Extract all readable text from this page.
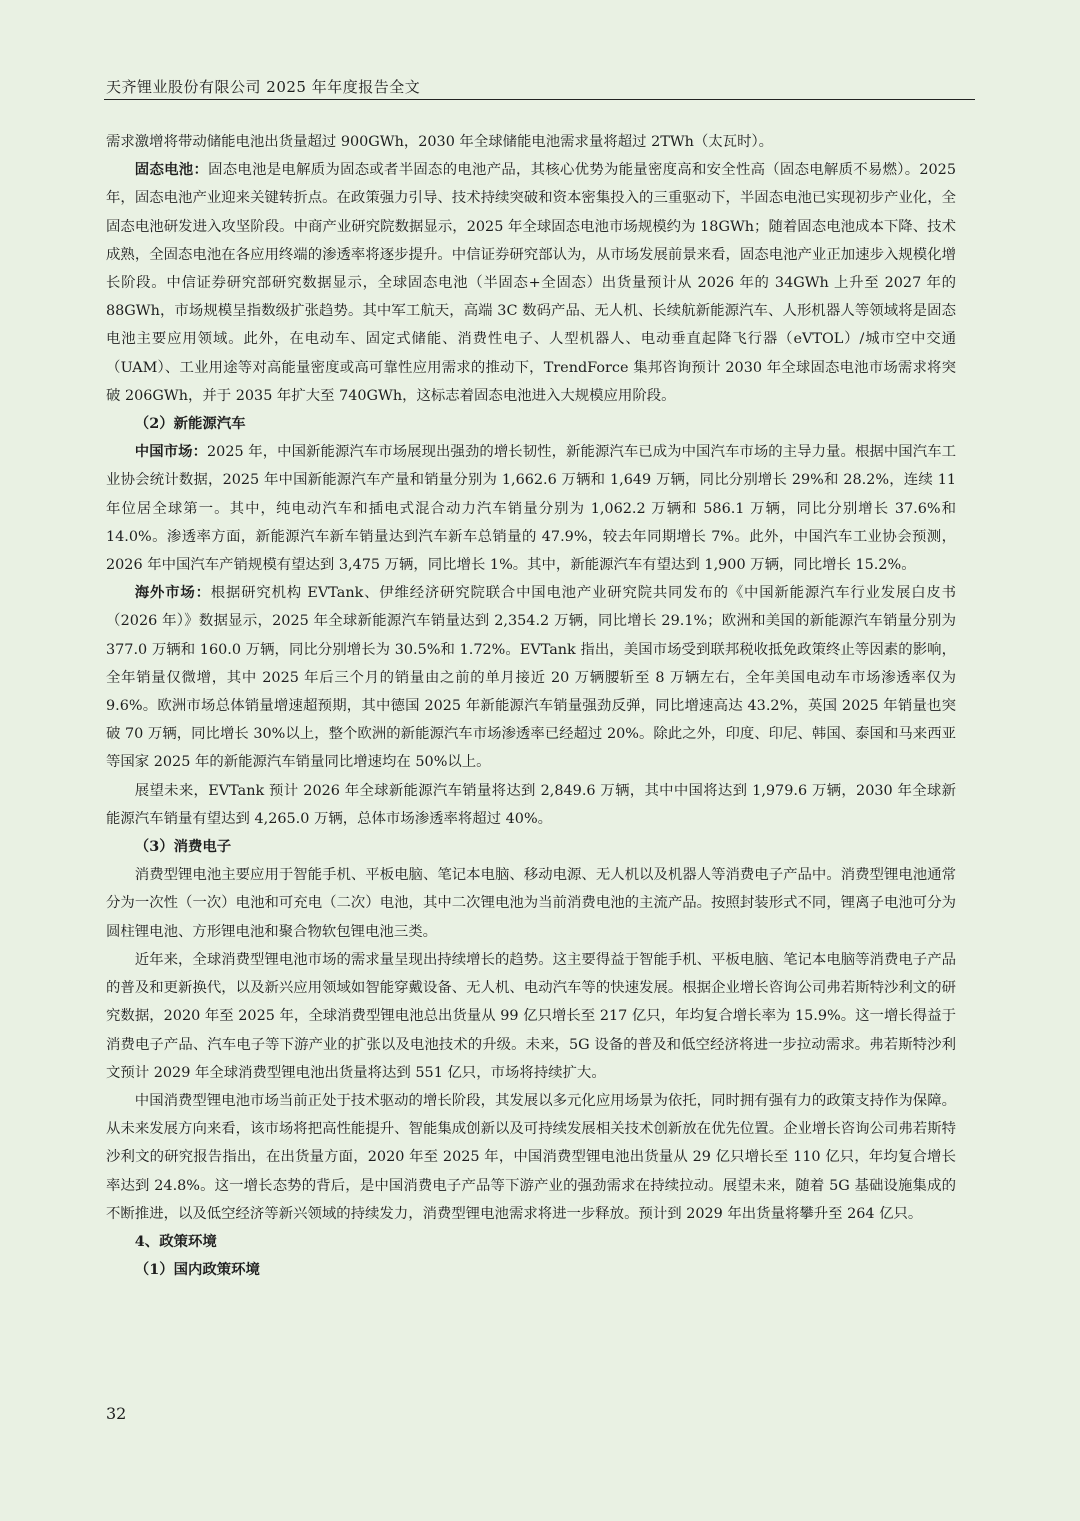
天齐锂业股份有限公司 2025 年年度报告全文

需求激增将带动储能电池出货量超过 900GWh，2030 年全球储能电池需求量将超过 2TWh（太瓦时）。

固态电池：固态电池是电解质为固态或者半固态的电池产品，其核心优势为能量密度高和安全性高（固态电解质不易燃）。2025 年，固态电池产业迎来关键转折点。在政策强力引导、技术持续突破和资本密集投入的三重驱动下，半固态电池已实现初步产业化，全固态电池研发进入攻坚阶段。中商产业研究院数据显示，2025 年全球固态电池市场规模约为 18GWh；随着固态电池成本下降、技术成熟，全固态电池在各应用终端的渗透率将逐步提升。中信证券研究部认为，从市场发展前景来看，固态电池产业正加速步入规模化增长阶段。中信证券研究部研究数据显示，全球固态电池（半固态+全固态）出货量预计从 2026 年的 34GWh 上升至 2027 年的 88GWh，市场规模呈指数级扩张趋势。其中军工航天，高端 3C 数码产品、无人机、长续航新能源汽车、人形机器人等领域将是固态电池主要应用领域。此外，在电动车、固定式储能、消费性电子、人型机器人、电动垂直起降飞行器（eVTOL）/城市空中交通（UAM）、工业用途等对高能量密度或高可靠性应用需求的推动下，TrendForce 集邦咨询预计 2030 年全球固态电池市场需求将突破 206GWh，并于 2035 年扩大至 740GWh，这标志着固态电池进入大规模应用阶段。

（2）新能源汽车

中国市场：2025 年，中国新能源汽车市场展现出强劲的增长韧性，新能源汽车已成为中国汽车市场的主导力量。根据中国汽车工业协会统计数据，2025 年中国新能源汽车产量和销量分别为 1,662.6 万辆和 1,649 万辆，同比分别增长 29%和 28.2%，连续 11 年位居全球第一。其中，纯电动汽车和插电式混合动力汽车销量分别为 1,062.2 万辆和 586.1 万辆，同比分别增长 37.6%和 14.0%。渗透率方面，新能源汽车新车销量达到汽车新车总销量的 47.9%，较去年同期增长 7%。此外，中国汽车工业协会预测，2026 年中国汽车产销规模有望达到 3,475 万辆，同比增长 1%。其中，新能源汽车有望达到 1,900 万辆，同比增长 15.2%。

海外市场：根据研究机构 EVTank、伊维经济研究院联合中国电池产业研究院共同发布的《中国新能源汽车行业发展白皮书（2026 年）》数据显示，2025 年全球新能源汽车销量达到 2,354.2 万辆，同比增长 29.1%；欧洲和美国的新能源汽车销量分别为 377.0 万辆和 160.0 万辆，同比分别增长为 30.5%和 1.72%。EVTank 指出，美国市场受到联邦税收抵免政策终止等因素的影响，全年销量仅微增，其中 2025 年后三个月的销量由之前的单月接近 20 万辆腰斩至 8 万辆左右，全年美国电动车市场渗透率仅为 9.6%。欧洲市场总体销量增速超预期，其中德国 2025 年新能源汽车销量强劲反弹，同比增速高达 43.2%，英国 2025 年销量也突破 70 万辆，同比增长 30%以上，整个欧洲的新能源汽车市场渗透率已经超过 20%。除此之外，印度、印尼、韩国、泰国和马来西亚等国家 2025 年的新能源汽车销量同比增速均在 50%以上。

展望未来，EVTank 预计 2026 年全球新能源汽车销量将达到 2,849.6 万辆，其中中国将达到 1,979.6 万辆，2030 年全球新能源汽车销量有望达到 4,265.0 万辆，总体市场渗透率将超过 40%。

（3）消费电子

消费型锂电池主要应用于智能手机、平板电脑、笔记本电脑、移动电源、无人机以及机器人等消费电子产品中。消费型锂电池通常分为一次性（一次）电池和可充电（二次）电池，其中二次锂电池为当前消费电池的主流产品。按照封装形式不同，锂离子电池可分为圆柱锂电池、方形锂电池和聚合物软包锂电池三类。

近年来，全球消费型锂电池市场的需求量呈现出持续增长的趋势。这主要得益于智能手机、平板电脑、笔记本电脑等消费电子产品的普及和更新换代，以及新兴应用领域如智能穿戴设备、无人机、电动汽车等的快速发展。根据企业增长咨询公司弗若斯特沙利文的研究数据，2020 年至 2025 年，全球消费型锂电池总出货量从 99 亿只增长至 217 亿只，年均复合增长率为 15.9%。这一增长得益于消费电子产品、汽车电子等下游产业的扩张以及电池技术的升级。未来，5G 设备的普及和低空经济将进一步拉动需求。弗若斯特沙利文预计 2029 年全球消费型锂电池出货量将达到 551 亿只，市场将持续扩大。

中国消费型锂电池市场当前正处于技术驱动的增长阶段，其发展以多元化应用场景为依托，同时拥有强有力的政策支持作为保障。从未来发展方向来看，该市场将把高性能提升、智能集成创新以及可持续发展相关技术创新放在优先位置。企业增长咨询公司弗若斯特沙利文的研究报告指出，在出货量方面，2020 年至 2025 年，中国消费型锂电池出货量从 29 亿只增长至 110 亿只，年均复合增长率达到 24.8%。这一增长态势的背后，是中国消费电子产品等下游产业的强劲需求在持续拉动。展望未来，随着 5G 基础设施集成的不断推进，以及低空经济等新兴领域的持续发力，消费型锂电池需求将进一步释放。预计到 2029 年出货量将攀升至 264 亿只。

4、政策环境

（1）国内政策环境

32
